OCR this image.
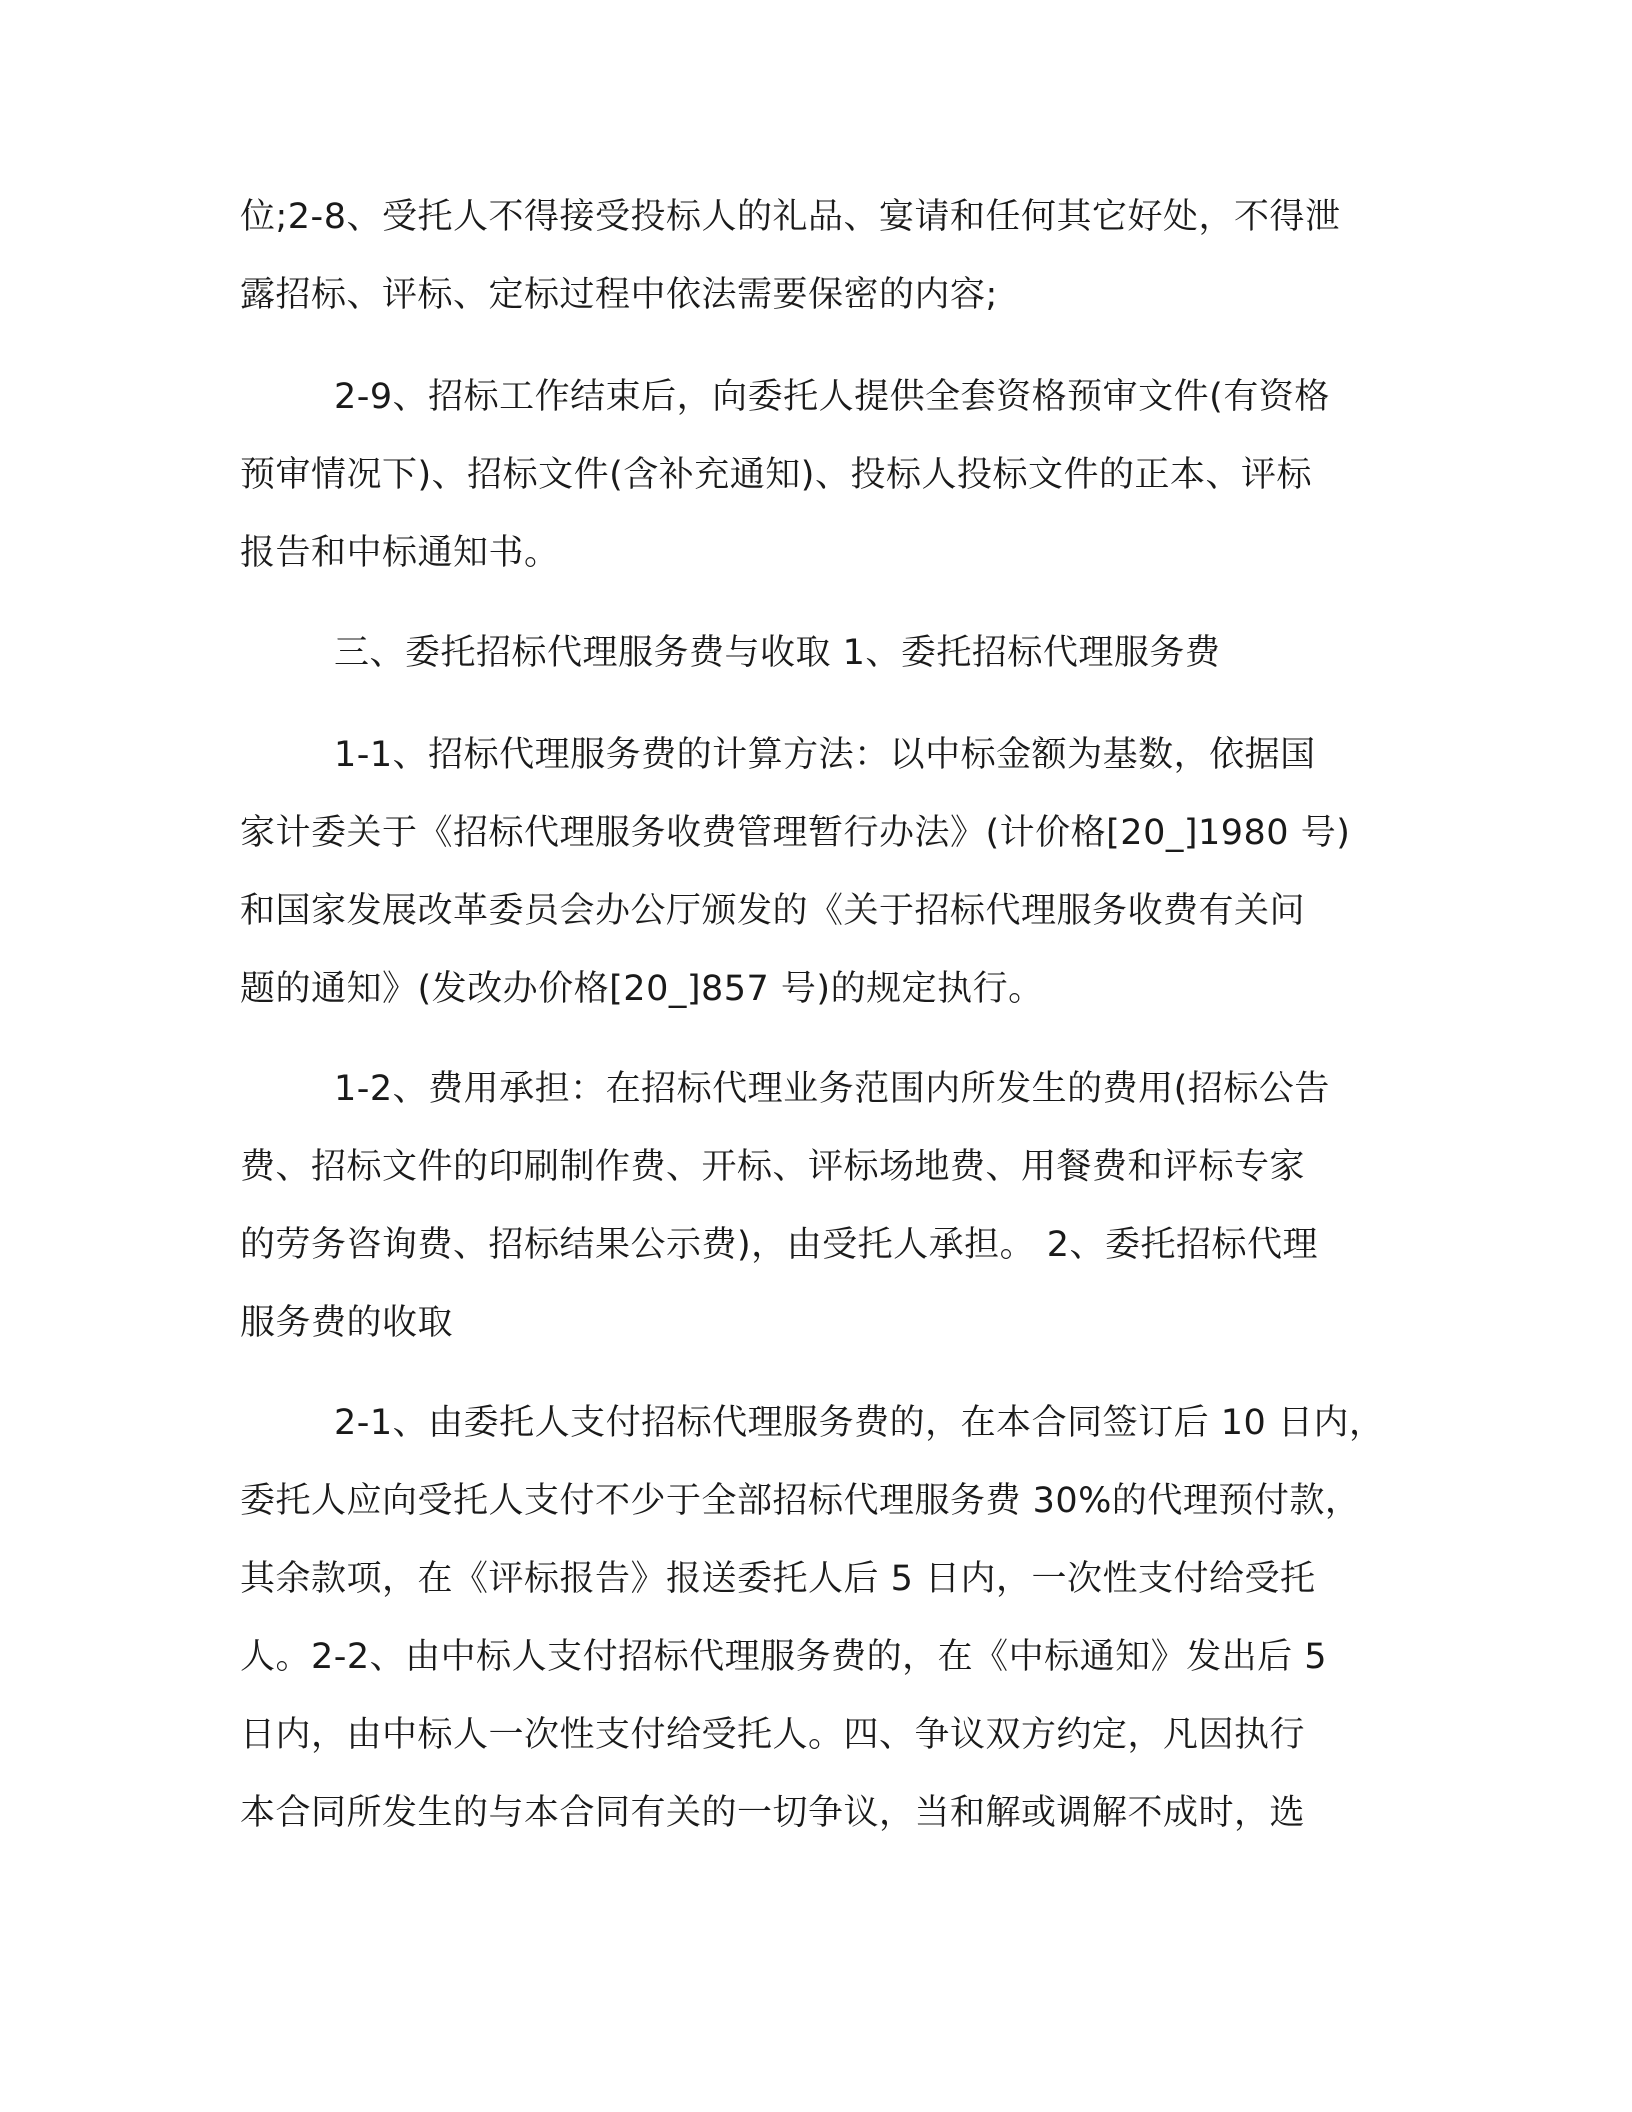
位;2-8、受托人不得接受投标人的礼品、宴请和任何其它好处，不得泄
露招标、评标、定标过程中依法需要保密的内容;
2-9、招标工作结束后，向委托人提供全套资格预审文件(有资格
预审情况下)、招标文件(含补充通知)、投标人投标文件的正本、评标
报告和中标通知书。
三、委托招标代理服务费与收取 1、委托招标代理服务费
1-1、招标代理服务费的计算方法：以中标金额为基数，依据国
家计委关于《招标代理服务收费管理暂行办法》(计价格[20_]1980 号)
和国家发展改革委员会办公厅颁发的《关于招标代理服务收费有关问
题的通知》(发改办价格[20_]857 号)的规定执行。
1-2、费用承担：在招标代理业务范围内所发生的费用(招标公告
费、招标文件的印刷制作费、开标、评标场地费、用餐费和评标专家
的劳务咨询费、招标结果公示费)，由受托人承担。 2、委托招标代理
服务费的收取
2-1、由委托人支付招标代理服务费的，在本合同签订后 10 日内，
委托人应向受托人支付不少于全部招标代理服务费 30%的代理预付款，
其余款项，在《评标报告》报送委托人后 5 日内，一次性支付给受托
人。2-2、由中标人支付招标代理服务费的，在《中标通知》发出后 5
日内，由中标人一次性支付给受托人。四、争议双方约定，凡因执行
本合同所发生的与本合同有关的一切争议，当和解或调解不成时，选
